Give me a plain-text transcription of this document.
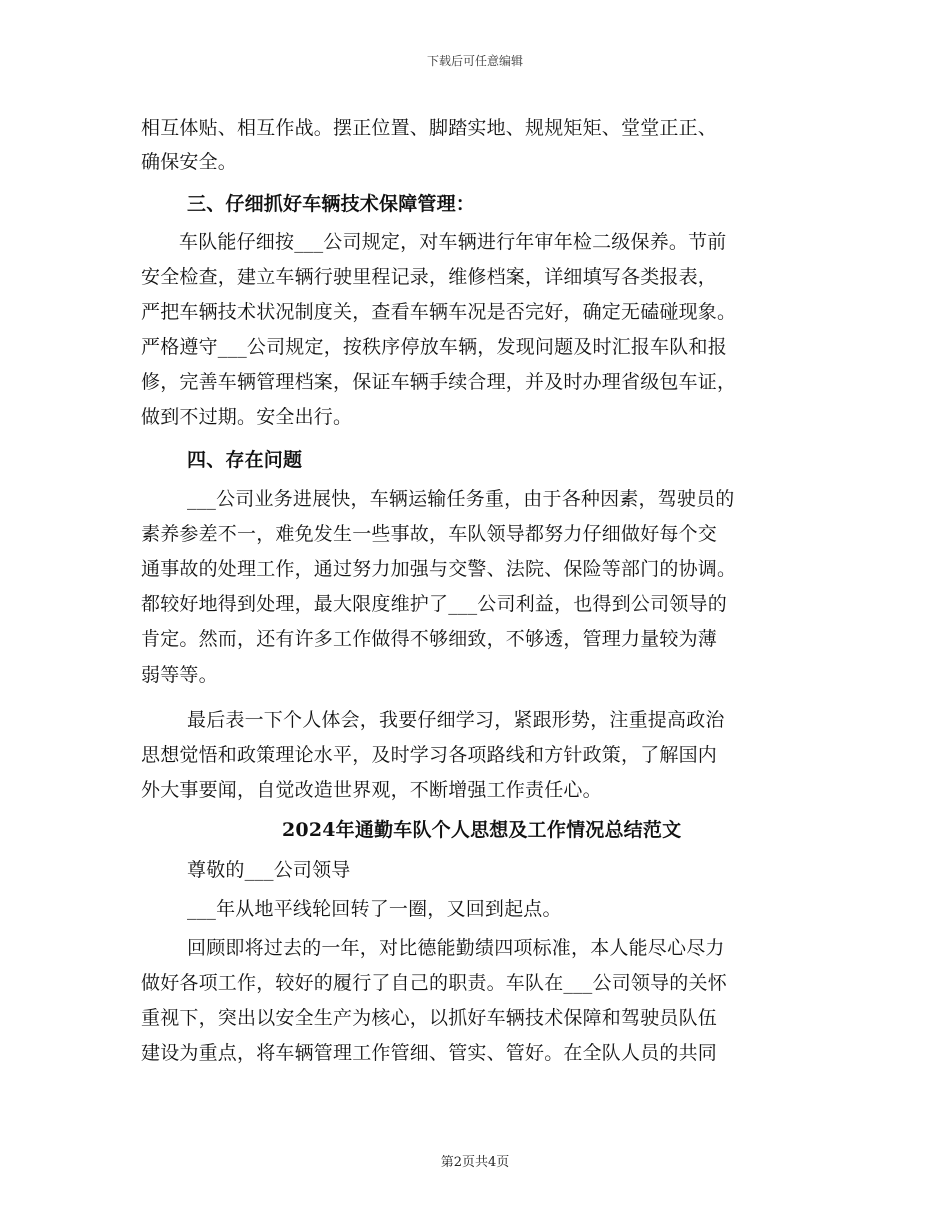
下载后可任意编辑
相互体贴、相互作战。摆正位置、脚踏实地、规规矩矩、堂堂正正、
确保安全。
三、仔细抓好车辆技术保障管理：
车队能仔细按___公司规定，对车辆进行年审年检二级保养。节前
安全检查，建立车辆行驶里程记录，维修档案，详细填写各类报表，
严把车辆技术状况制度关，查看车辆车况是否完好，确定无磕碰现象。
严格遵守___公司规定，按秩序停放车辆，发现问题及时汇报车队和报
修，完善车辆管理档案，保证车辆手续合理，并及时办理省级包车证，
做到不过期。安全出行。
四、存在问题
___公司业务进展快，车辆运输任务重，由于各种因素，驾驶员的
素养参差不一，难免发生一些事故，车队领导都努力仔细做好每个交
通事故的处理工作，通过努力加强与交警、法院、保险等部门的协调。
都较好地得到处理，最大限度维护了___公司利益，也得到公司领导的
肯定。然而，还有许多工作做得不够细致，不够透，管理力量较为薄
弱等等。
最后表一下个人体会，我要仔细学习，紧跟形势，注重提高政治
思想觉悟和政策理论水平，及时学习各项路线和方针政策，了解国内
外大事要闻，自觉改造世界观，不断增强工作责任心。
2024年通勤车队个人思想及工作情况总结范文
尊敬的___公司领导
___年从地平线轮回转了一圈，又回到起点。
回顾即将过去的一年，对比德能勤绩四项标准，本人能尽心尽力
做好各项工作，较好的履行了自己的职责。车队在___公司领导的关怀
重视下，突出以安全生产为核心，以抓好车辆技术保障和驾驶员队伍
建设为重点，将车辆管理工作管细、管实、管好。在全队人员的共同
第2页共4页
